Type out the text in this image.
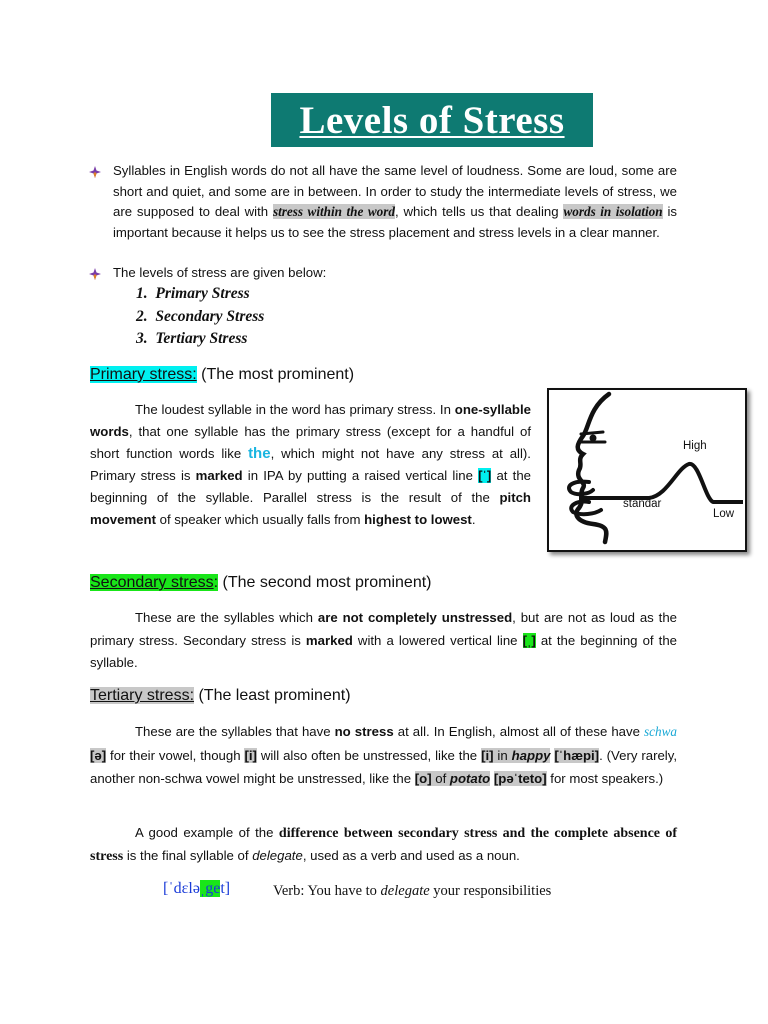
Levels of Stress
Syllables in English words do not all have the same level of loudness. Some are loud, some are short and quiet, and some are in between. In order to study the intermediate levels of stress, we are supposed to deal with stress within the word, which tells us that dealing words in isolation is important because it helps us to see the stress placement and stress levels in a clear manner.
The levels of stress are given below:
1. Primary Stress
2. Secondary Stress
3. Tertiary Stress
Primary stress: (The most prominent)
The loudest syllable in the word has primary stress. In one-syllable words, that one syllable has the primary stress (except for a handful of short function words like the, which might not have any stress at all). Primary stress is marked in IPA by putting a raised vertical line [ˈ] at the beginning of the syllable. Parallel stress is the result of the pitch movement of speaker which usually falls from highest to lowest.
High
standar
Low
Secondary stress: (The second most prominent)
These are the syllables which are not completely unstressed, but are not as loud as the primary stress. Secondary stress is marked with a lowered vertical line [ˌ] at the beginning of the syllable.
Tertiary stress: (The least prominent)
These are the syllables that have no stress at all. In English, almost all of these have schwa [ə] for their vowel, though [i] will also often be unstressed, like the [i] in happy [ˈhæpi]. (Very rarely, another non-schwa vowel might be unstressed, like the [o] of potato [pəˈteto] for most speakers.)
A good example of the difference between secondary stress and the complete absence of stress is the final syllable of delegate, used as a verb and used as a noun.
[ˈdɛləˌget]	Verb: You have to delegate your responsibilities
